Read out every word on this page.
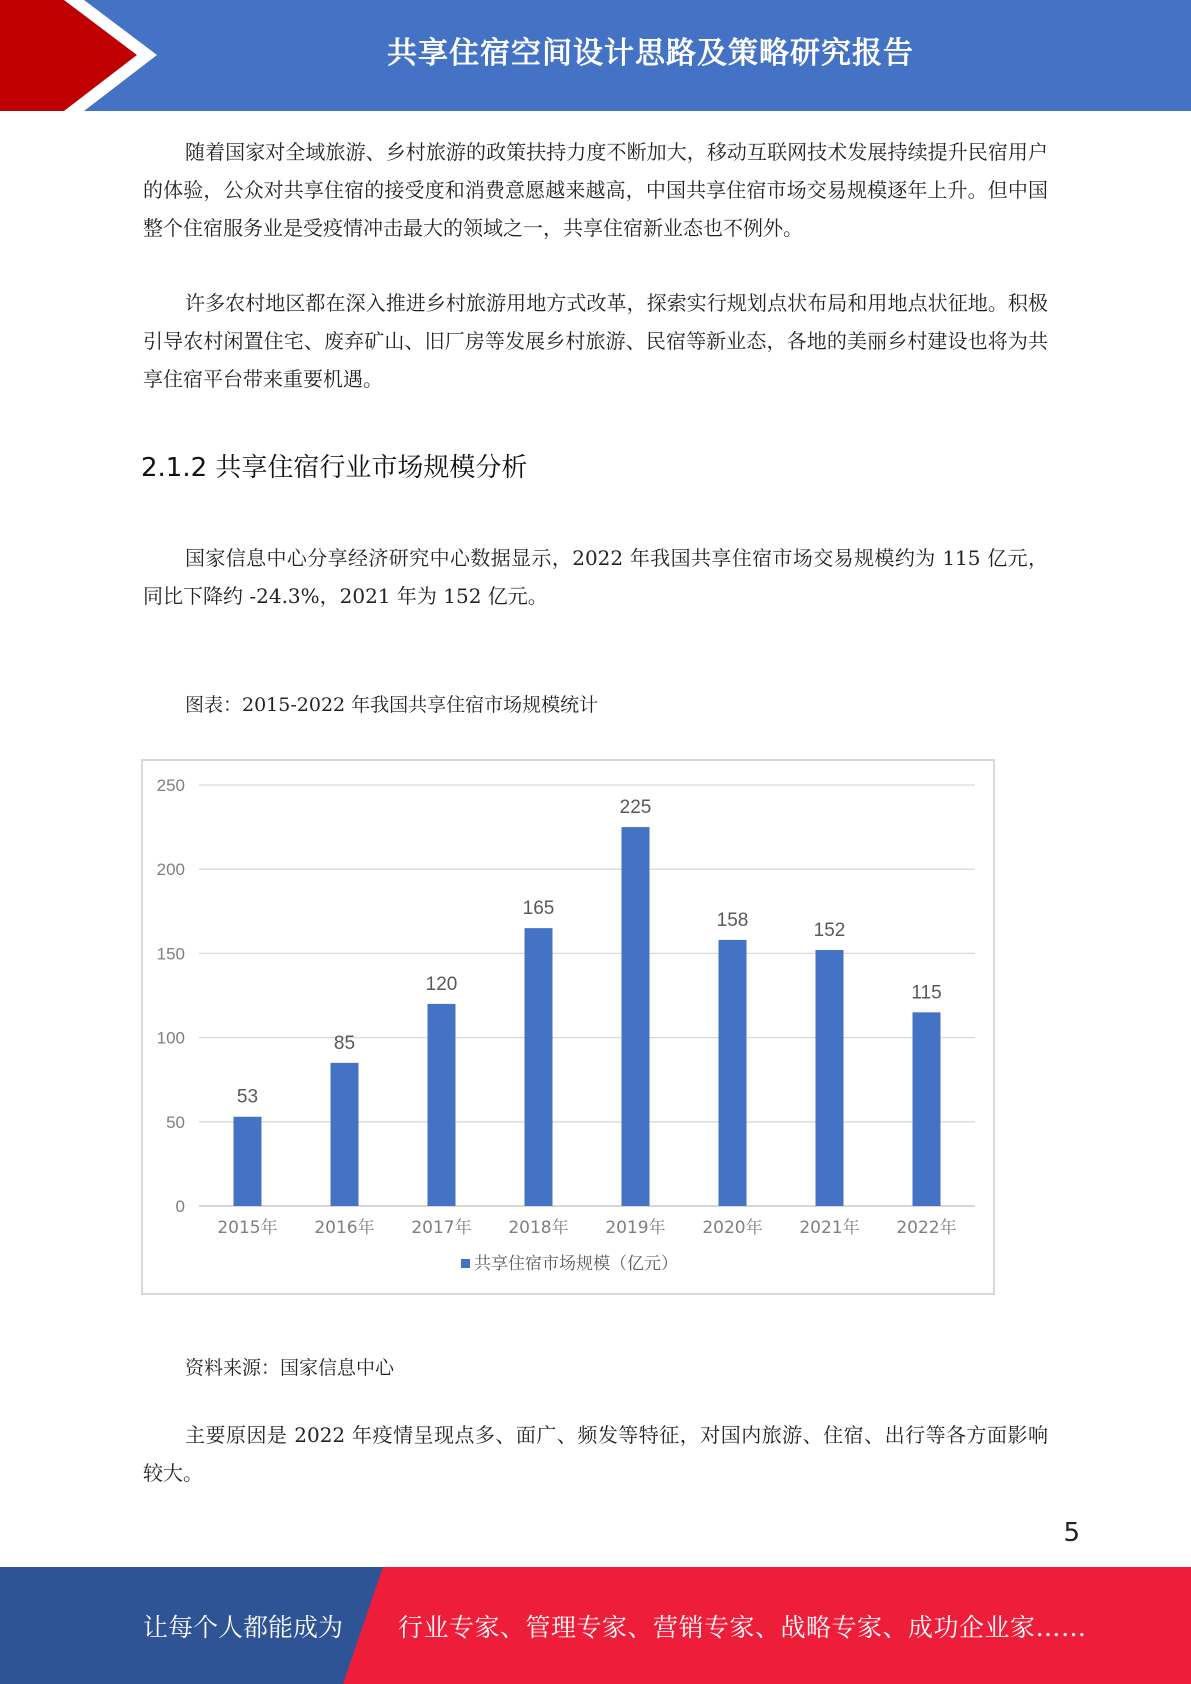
共享住宿空间设计思路及策略研究报告

随着国家对全域旅游、乡村旅游的政策扶持力度不断加大，移动互联网技术发展持续提升民宿用户的体验，公众对共享住宿的接受度和消费意愿越来越高，中国共享住宿市场交易规模逐年上升。但中国整个住宿服务业是受疫情冲击最大的领域之一，共享住宿新业态也不例外。

许多农村地区都在深入推进乡村旅游用地方式改革，探索实行规划点状布局和用地点状征地。积极引导农村闲置住宅、废弃矿山、旧厂房等发展乡村旅游、民宿等新业态，各地的美丽乡村建设也将为共享住宿平台带来重要机遇。

2.1.2 共享住宿行业市场规模分析

国家信息中心分享经济研究中心数据显示，2022 年我国共享住宿市场交易规模约为 115 亿元，同比下降约 -24.3%，2021 年为 152 亿元。

图表：2015-2022 年我国共享住宿市场规模统计

0
50
100
150
200
250
53
2015年
85
2016年
120
2017年
165
2018年
225
2019年
158
2020年
152
2021年
115
2022年
共享住宿市场规模（亿元）

资料来源：国家信息中心

主要原因是 2022 年疫情呈现点多、面广、频发等特征，对国内旅游、住宿、出行等各方面影响较大。

5
让每个人都能成为 行业专家、管理专家、营销专家、战略专家、成功企业家……
